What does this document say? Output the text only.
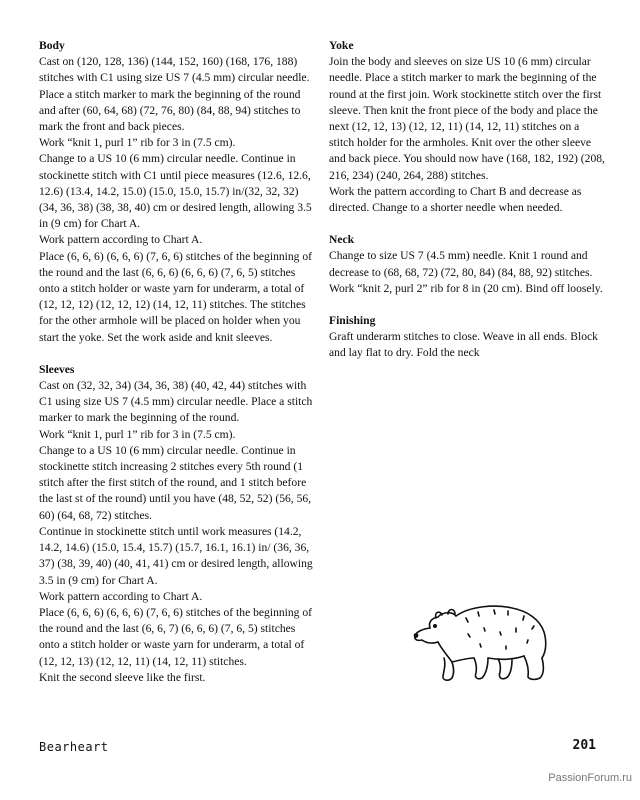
Body

Cast on (120, 128, 136) (144, 152, 160) (168, 176, 188) stitches with C1 using size US 7 (4.5 mm) circular needle. Place a stitch marker to mark the beginning of the round and after (60, 64, 68) (72, 76, 80) (84, 88, 94) stitches to mark the front and back pieces.

Work “knit 1, purl 1” rib for 3 in (7.5 cm).

Change to a US 10 (6 mm) circular needle. Continue in stockinette stitch with C1 until piece measures (12.6, 12.6, 12.6) (13.4, 14.2, 15.0) (15.0, 15.0, 15.7) in/(32, 32, 32) (34, 36, 38) (38, 38, 40) cm or desired length, allowing 3.5 in (9 cm) for Chart A.

Work pattern according to Chart A.

Place (6, 6, 6) (6, 6, 6) (7, 6, 6) stitches of the beginning of the round and the last (6, 6, 6) (6, 6, 6) (7, 6, 5) stitches onto a stitch holder or waste yarn for underarm, a total of (12, 12, 12) (12, 12, 12) (14, 12, 11) stitches. The stitches for the other armhole will be placed on holder when you start the yoke. Set the work aside and knit sleeves.

Sleeves

Cast on (32, 32, 34) (34, 36, 38) (40, 42, 44) stitches with C1 using size US 7 (4.5 mm) circular needle. Place a stitch marker to mark the beginning of the round.

Work “knit 1, purl 1” rib for 3 in (7.5 cm).

Change to a US 10 (6 mm) circular needle. Continue in stockinette stitch increasing 2 stitches every 5th round (1 stitch after the first stitch of the round, and 1 stitch before the last st of the round) until you have (48, 52, 52) (56, 56, 60) (64, 68, 72) stitches.

Continue in stockinette stitch until work measures (14.2, 14.2, 14.6) (15.0, 15.4, 15.7) (15.7, 16.1, 16.1) in/ (36, 36, 37) (38, 39, 40) (40, 41, 41) cm or desired length, allowing 3.5 in (9 cm) for Chart A.

Work pattern according to Chart A.

Place (6, 6, 6) (6, 6, 6) (7, 6, 6) stitches of the beginning of the round and the last (6, 6, 7) (6, 6, 6) (7, 6, 5) stitches onto a stitch holder or waste yarn for underarm, a total of (12, 12, 13) (12, 12, 11) (14, 12, 11) stitches.

Knit the second sleeve like the first.

Yoke

Join the body and sleeves on size US 10 (6 mm) circular needle. Place a stitch marker to mark the beginning of the round at the first join. Work stockinette stitch over the first sleeve. Then knit the front piece of the body and place the next (12, 12, 13) (12, 12, 11) (14, 12, 11) stitches on a stitch holder for the armholes. Knit over the other sleeve and back piece. You should now have (168, 182, 192) (208, 216, 234) (240, 264, 288) stitches.

Work the pattern according to Chart B and decrease as directed. Change to a shorter needle when needed.

Neck

Change to size US 7 (4.5 mm) needle. Knit 1 round and decrease to (68, 68, 72) (72, 80, 84) (84, 88, 92) stitches.

Work “knit 2, purl 2” rib for 8 in (20 cm). Bind off loosely.

Finishing

Graft underarm stitches to close. Weave in all ends. Block and lay flat to dry. Fold the neck

Bearheart	201
PassionForum.ru
